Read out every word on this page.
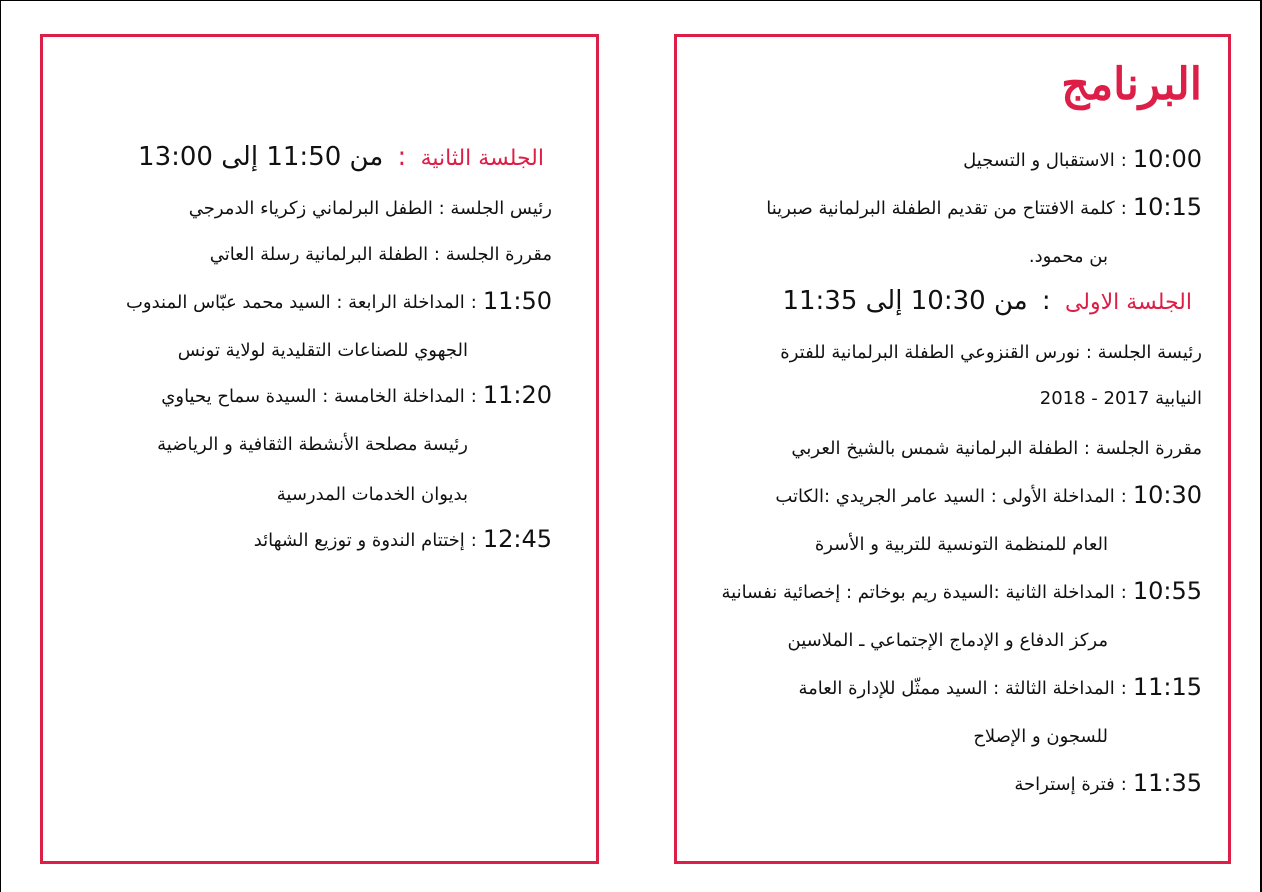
البرنامج

10:00:الاستقبال و التسجيل

10:15:كلمة الافتتاح من تقديم الطفلة البرلمانية صبرينا

بن محمود.

الجلسة الاولى : من 10:30 إلى 11:35

رئيسة الجلسة : نورس القنزوعي الطفلة البرلمانية للفترة

النيابية 2017 - 2018

مقررة الجلسة : الطفلة البرلمانية شمس بالشيخ العربي

10:30:المداخلة الأولى : السيد عامر الجريدي :الكاتب

العام للمنظمة التونسية للتربية و الأسرة

10:55:المداخلة الثانية :السيدة ريم بوخاتم : إخصائية نفسانية

مركز الدفاع و الإدماج الإجتماعي ـ الملاسين

11:15:المداخلة الثالثة : السيد ممثّل للإدارة العامة

للسجون و الإصلاح

11:35:فترة إستراحة

الجلسة الثانية : من 11:50 إلى 13:00

رئيس الجلسة : الطفل البرلماني زكرياء الدمرجي

مقررة الجلسة : الطفلة البرلمانية رسلة العاتي

11:50:المداخلة الرابعة : السيد محمد عبّاس المندوب

الجهوي للصناعات التقليدية لولاية تونس

11:20:المداخلة الخامسة : السيدة سماح يحياوي

رئيسة مصلحة الأنشطة الثقافية و الرياضية

بديوان الخدمات المدرسية

12:45:إختتام الندوة و توزيع الشهائد
